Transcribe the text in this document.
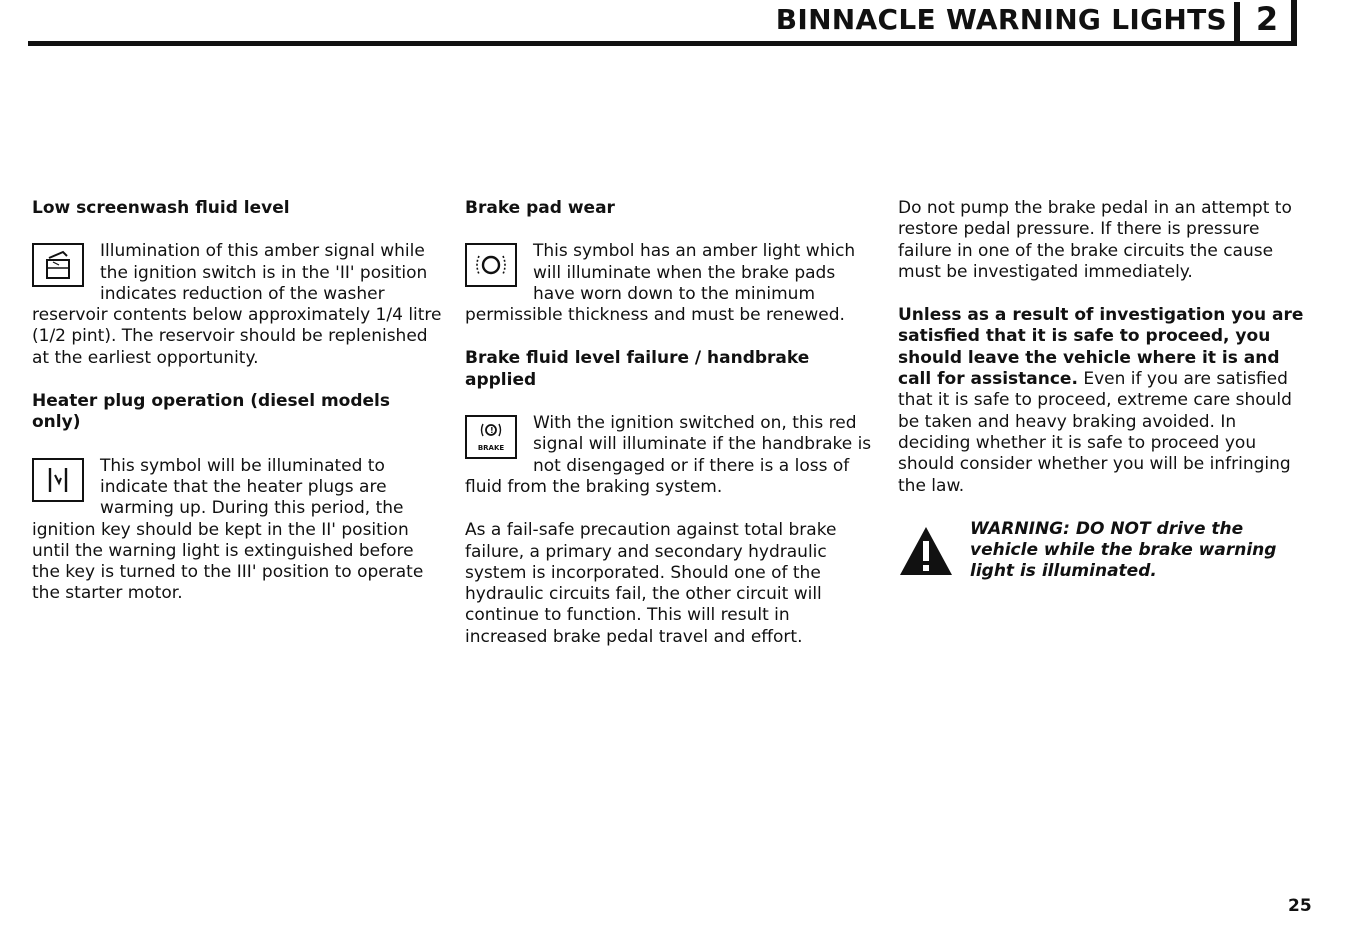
BINNACLE WARNING LIGHTS 2
Low screenwash fluid level

Illumination of this amber signal while the ignition switch is in the 'II' position indicates reduction of the washer reservoir contents below approximately 1/4 litre (1/2 pint). The reservoir should be replenished at the earliest opportunity.

Heater plug operation (diesel models only)

This symbol will be illuminated to indicate that the heater plugs are warming up. During this period, the ignition key should be kept in the II' position until the warning light is extinguished before the key is turned to the III' position to operate the starter motor.

Brake pad wear

This symbol has an amber light which will illuminate when the brake pads have worn down to the minimum permissible thickness and must be renewed.

Brake fluid level failure / handbrake applied

!
BRAKE
With the ignition switched on, this red signal will illuminate if the handbrake is not disengaged or if there is a loss of fluid from the braking system.

As a fail-safe precaution against total brake failure, a primary and secondary hydraulic system is incorporated. Should one of the hydraulic circuits fail, the other circuit will continue to function. This will result in increased brake pedal travel and effort.

Do not pump the brake pedal in an attempt to restore pedal pressure. If there is pressure failure in one of the brake circuits the cause must be investigated immediately.

Unless as a result of investigation you are satisfied that it is safe to proceed, you should leave the vehicle where it is and call for assistance. Even if you are satisfied that it is safe to proceed, extreme care should be taken and heavy braking avoided. In deciding whether it is safe to proceed you should consider whether you will be infringing the law.

WARNING: DO NOT drive the vehicle while the brake warning light is illuminated.
25
